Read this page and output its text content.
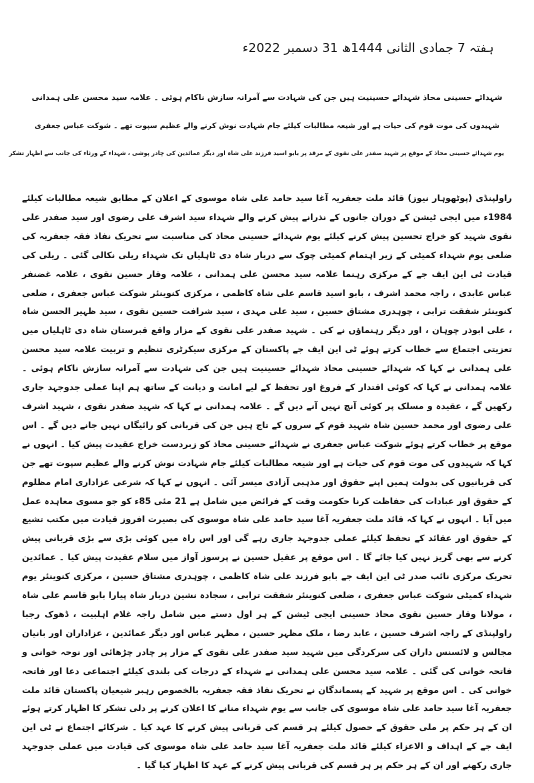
ہفتہ 7 جمادی الثانی 1444ھ 31 دسمبر 2022ء
شہدائے حسینی محاذ شہدائے حسینیت ہیں جن کی شہادت سے آمرانہ سازش ناکام ہوئی ۔ علامہ سید محسن علی ہمدانی
شہیدوں کی موت قوم کی حیات ہے اور شیعہ مطالبات کیلئے جام شہادت نوش کرنے والے عظیم سپوت تھے ۔ شوکت عباس جعفری
یوم شہدائے حسینی محاذ کے موقع پر شہید صفدر علی نقوی کے مرقد پر بابو اسید فرزند علی شاہ اور دیگر عمائدین کی چادر پوشی ، شہداء کے ورثاء کی جانب سے اظہار تشکر
راولپنڈی (پوٹھوہار نیوز) قائد ملت جعفریہ آغا سید حامد علی شاہ موسوی کے اعلان کے مطابق شیعہ مطالبات کیلئے 1984ء میں ایجی ٹیشن کے دوران جانوں کے نذرانے پیش کرنے والے شہداء سید اشرف علی رضوی اور سید صفدر علی نقوی شہید کو خراج تحسین پیش کرنے کیلئے یوم شہدائے حسینی محاذ کی مناسبت سے تحریک نفاذ فقہ جعفریہ کی ضلعی یوم شہداء کمیٹی کے زیر اہتمام کمیٹی چوک سے دربار شاہ دی ٹاہلیاں تک شہداء ریلی نکالی گئی ۔ ریلی کی قیادت ٹی این ایف جے کے مرکزی رہنما علامہ سید محسن علی ہمدانی ، علامہ وقار حسین نقوی ، علامہ غضنفر عباس عابدی ، راجہ محمد اشرف ، بابو اسید قاسم علی شاہ کاظمی ، مرکزی کنوینئر شوکت عباس جعفری ، ضلعی کنوینئر شفقت ترابی ، چوہدری مشتاق حسین ، سید علی مہدی ، سید شرافت حسین نقوی ، سید ظہیر الحسن شاہ ، علی ابوذر چوہان ، اور دیگر رہنماؤں نے کی ۔ شہید صفدر علی نقوی کے مزار واقع قبرستان شاہ دی ٹاہلیاں میں تعزیتی اجتماع سے خطاب کرتے ہوئے ٹی این ایف جے پاکستان کے مرکزی سیکرٹری تنظیم و تربیت علامہ سید محسن علی ہمدانی نے کہا کہ شہدائے حسینی محاذ شہدائے حسینیت ہیں جن کی شہادت سے آمرانہ سازش ناکام ہوئی ۔ علامہ ہمدانی نے کہا کہ کوئی اقتدار کے فروغ اور تحفظ کے لیے امانت و دیانت کے ساتھ ہم اپنا عملی جدوجہد جاری رکھیں گے ، عقیدہ و مسلک پر کوئی آنچ نہیں آنے دیں گے ۔ علامہ ہمدانی نے کہا کہ شہید صفدر نقوی ، شہید اشرف علی رضوی اور محمد حسین شاہ شہید قوم کے سروں کے تاج ہیں جن کی قربانی کو رائیگاں نہیں جانے دیں گے ۔ اس موقع پر خطاب کرتے ہوئے شوکت عباس جعفری نے شہدائے حسینی محاذ کو زبردست خراج عقیدت پیش کیا ۔ انہوں نے کہا کہ شہیدوں کی موت قوم کی حیات ہے اور شیعہ مطالبات کیلئے جام شہادت نوش کرنے والے عظیم سپوت تھے جن کی قربانیوں کی بدولت ہمیں اپنے حقوق اور مذہبی آزادی میسر آئی ۔ انہوں نے کہا کہ شرعی عزاداری امام مظلوم کے حقوق اور عبادات کی حفاظت کرنا حکومت وقت کے فرائض میں شامل ہے 21 مئی 85ء کو جو مسوی معاہدہ عمل میں آیا ۔ انہوں نے کہا کہ قائد ملت جعفریہ آغا سید حامد علی شاہ موسوی کی بصیرت افروز قیادت میں مکتب تشیع کے حقوق اور عقائد کے تحفظ کیلئے عملی جدوجہد جاری رہے گی اور اس راہ میں کوئی بڑی سے بڑی قربانی پیش کرنے سے بھی گریز نہیں کیا جائے گا ۔ اس موقع پر عقیل حسین نے پرسوز آواز میں سلام عقیدت پیش کیا ۔ عمائدین تحریک مرکزی نائب صدر ٹی این ایف جے بابو فرزند علی شاہ کاظمی ، چوہدری مشتاق حسین ، مرکزی کنوینئر یوم شہداء کمیٹی شوکت عباس جعفری ، ضلعی کنوینئر شفقت ترابی ، سجادہ نشین دربار شاہ پیارا بابو قاسم علی شاہ ، مولانا وقار حسین نقوی محاذ حسینی ایجی ٹیشن کے ہر اول دستے میں شامل راجہ غلام اہلبیت ، ڈھوک رجبا راولپنڈی کے راجہ اشرف حسین ، عابد رضا ، ملک مظہر حسین ، مظہر عباس اور دیگر عمائدین ، عزاداران اور بانیان مجالس و لائسنس داران کی سرکردگی میں شہید سید صفدر علی نقوی کے مزار پر چادر چڑھائی اور نوحہ خوانی و فاتحہ خوانی کی گئی ۔ علامہ سید محسن علی ہمدانی نے شہداء کے درجات کی بلندی کیلئے اجتماعی دعا اور فاتحہ خوانی کی ۔ اس موقع پر شہید کے پسماندگان نے تحریک نفاذ فقہ جعفریہ بالخصوص رہبر شیعیان پاکستان قائد ملت جعفریہ آغا سید حامد علی شاہ موسوی کی جانب سے یوم شہداء منانے کا اعلان کرنے پر دلی تشکر کا اظہار کرتے ہوئے ان کے ہر حکم پر ملی حقوق کے حصول کیلئے ہر قسم کی قربانی پیش کرنے کا عہد کیا ۔ شرکائے اجتماع نے ٹی این ایف جے کے اہداف و الاعزاء کیلئے قائد ملت جعفریہ آغا سید حامد علی شاہ موسوی کی قیادت میں عملی جدوجہد جاری رکھنے اور ان کے ہر حکم پر ہر قسم کی قربانی پیش کرنے کے عہد کا اظہار کیا گیا ۔
